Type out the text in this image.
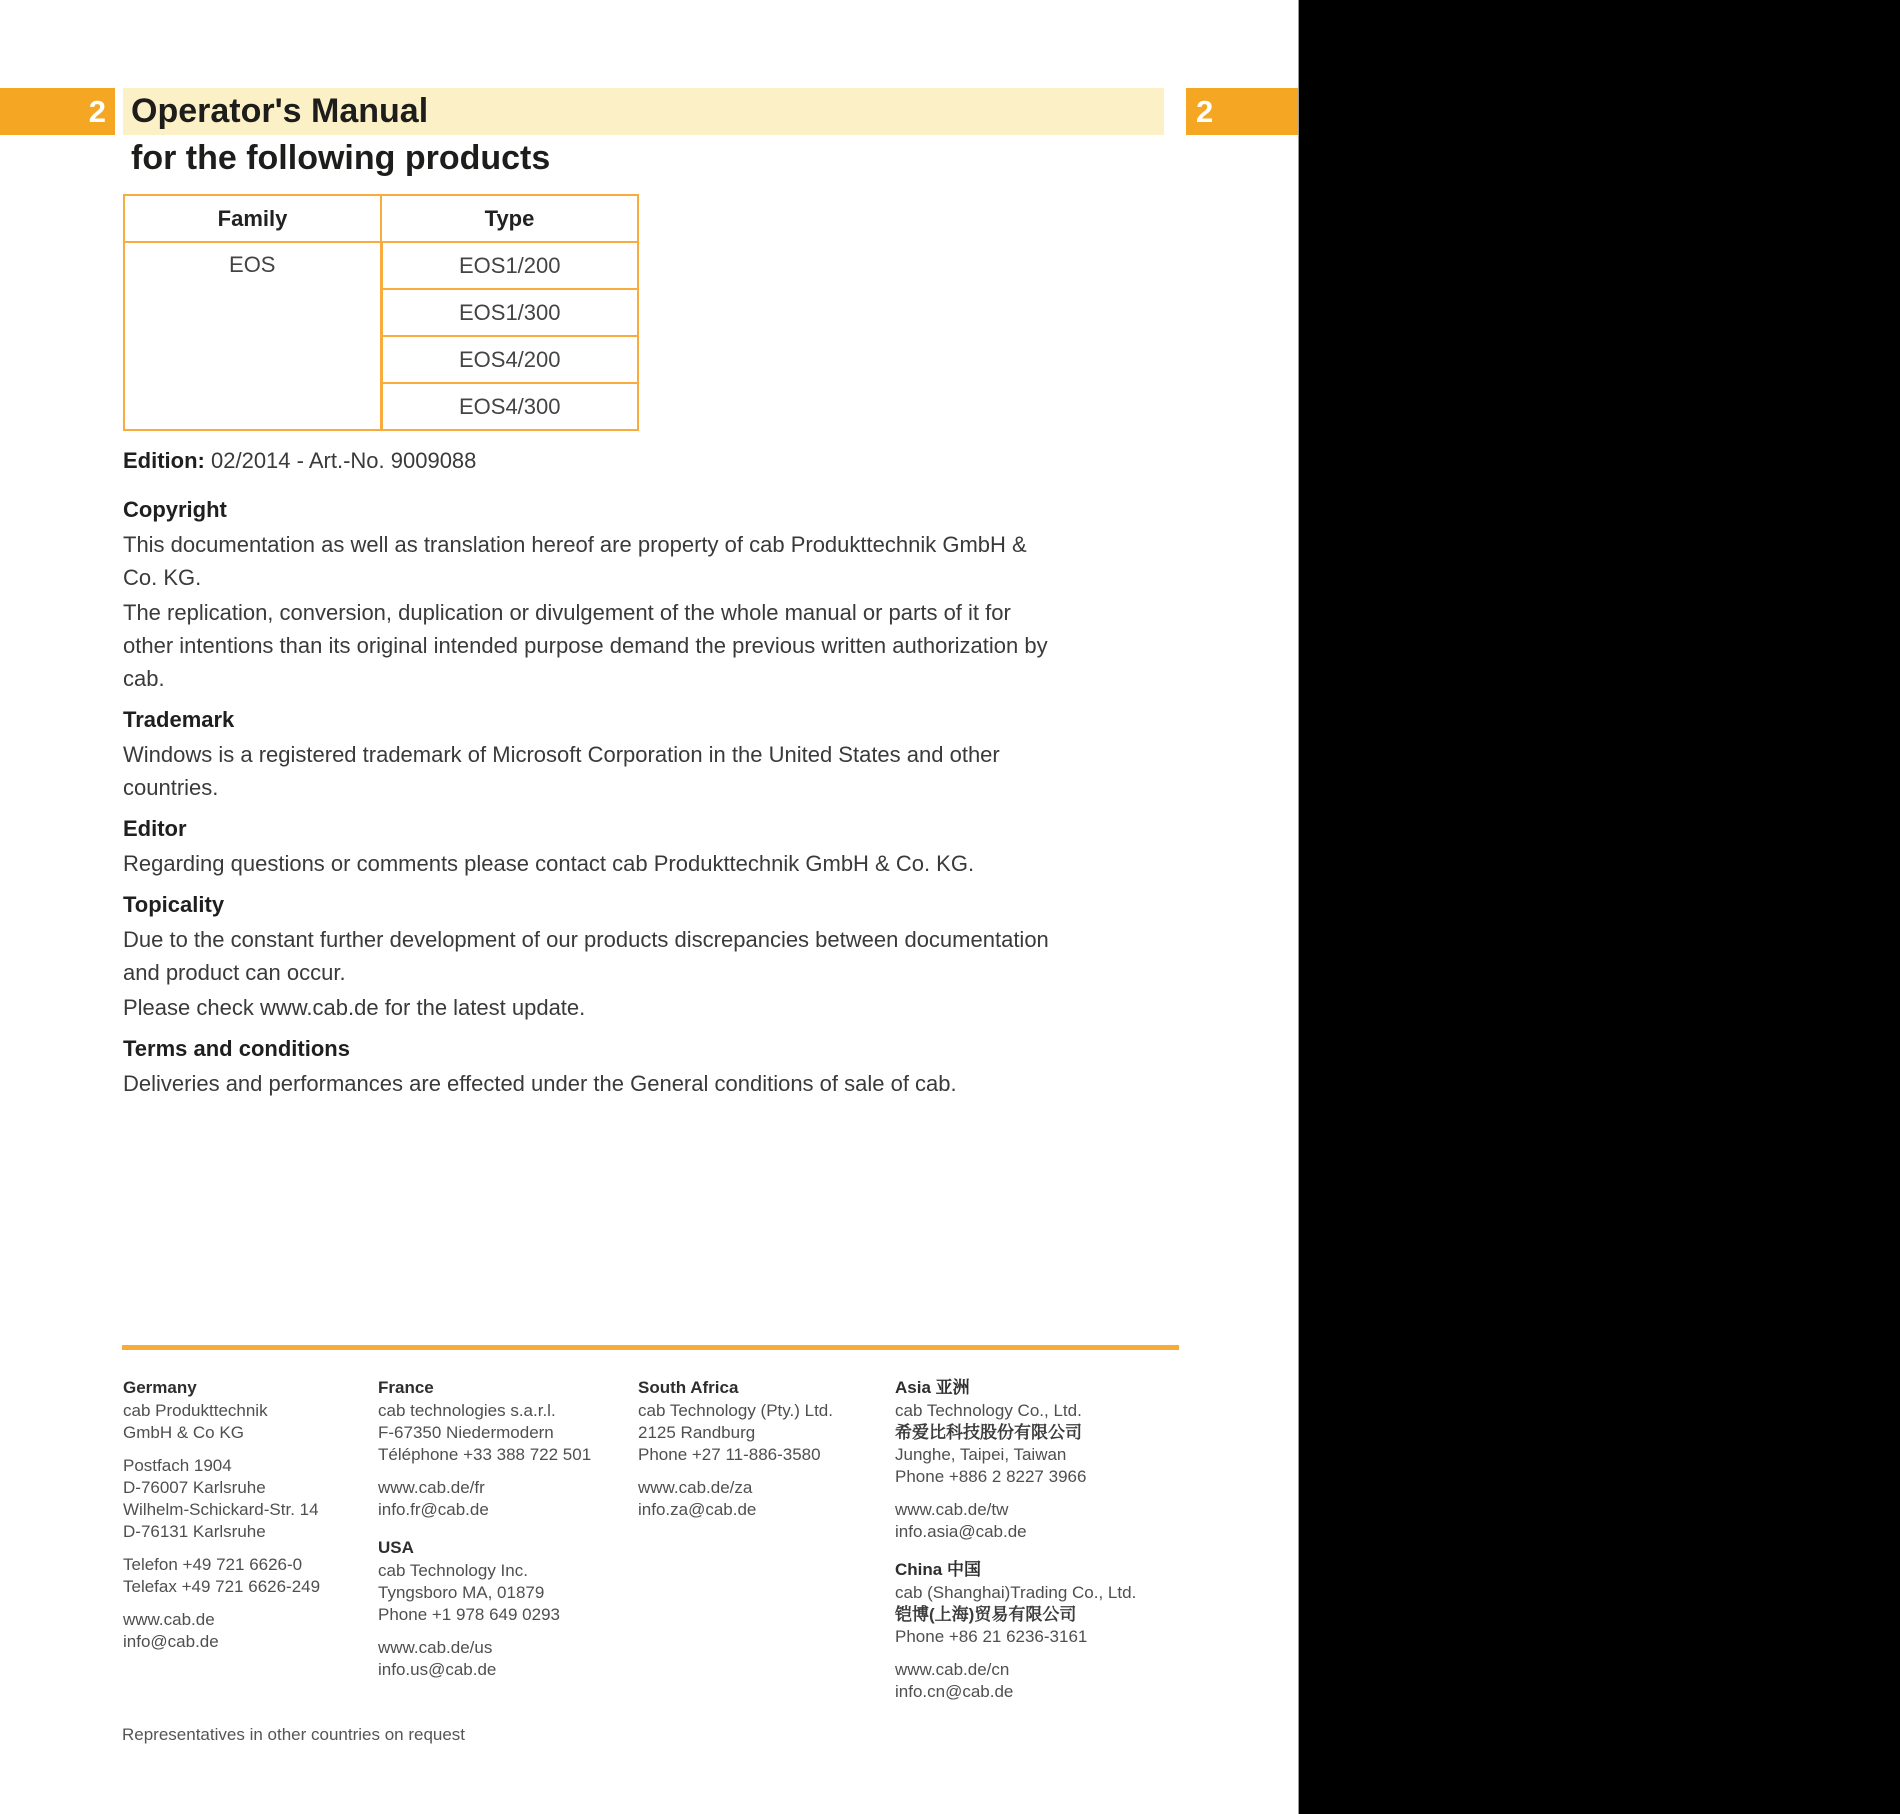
2	2
Operator's Manual
for the following products
Family	Type
EOS	EOS1/200
	EOS1/300
	EOS4/200
	EOS4/300

Edition: 02/2014 - Art.-No. 9009088

Copyright
This documentation as well as translation hereof are property of cab Produkttechnik GmbH &
Co. KG.
The replication, conversion, duplication or divulgement of the whole manual or parts of it for
other intentions than its original intended purpose demand the previous written authorization by
cab.
Trademark
Windows is a registered trademark of Microsoft Corporation in the United States and other
countries.
Editor
Regarding questions or comments please contact cab Produkttechnik GmbH & Co. KG.
Topicality
Due to the constant further development of our products discrepancies between documentation
and product can occur.
Please check www.cab.de for the latest update.
Terms and conditions
Deliveries and performances are effected under the General conditions of sale of cab.
Germany
cab Produkttechnik
GmbH & Co KG
Postfach 1904
D-76007 Karlsruhe
Wilhelm-Schickard-Str. 14
D-76131 Karlsruhe
Telefon +49 721 6626-0
Telefax +49 721 6626-249
www.cab.de
info@cab.de
France
cab technologies s.a.r.l.
F-67350 Niedermodern
Téléphone +33 388 722 501
www.cab.de/fr
info.fr@cab.de
USA
cab Technology Inc.
Tyngsboro MA, 01879
Phone +1 978 649 0293
www.cab.de/us
info.us@cab.de
South Africa
cab Technology (Pty.) Ltd.
2125 Randburg
Phone +27 11-886-3580
www.cab.de/za
info.za@cab.de
Asia 亚洲
cab Technology Co., Ltd.
希爱比科技股份有限公司
Junghe, Taipei, Taiwan
Phone +886 2 8227 3966
www.cab.de/tw
info.asia@cab.de
China 中国
cab (Shanghai)Trading Co., Ltd.
铠博(上海)贸易有限公司
Phone +86 21 6236-3161
www.cab.de/cn
info.cn@cab.de

Representatives in other countries on request
